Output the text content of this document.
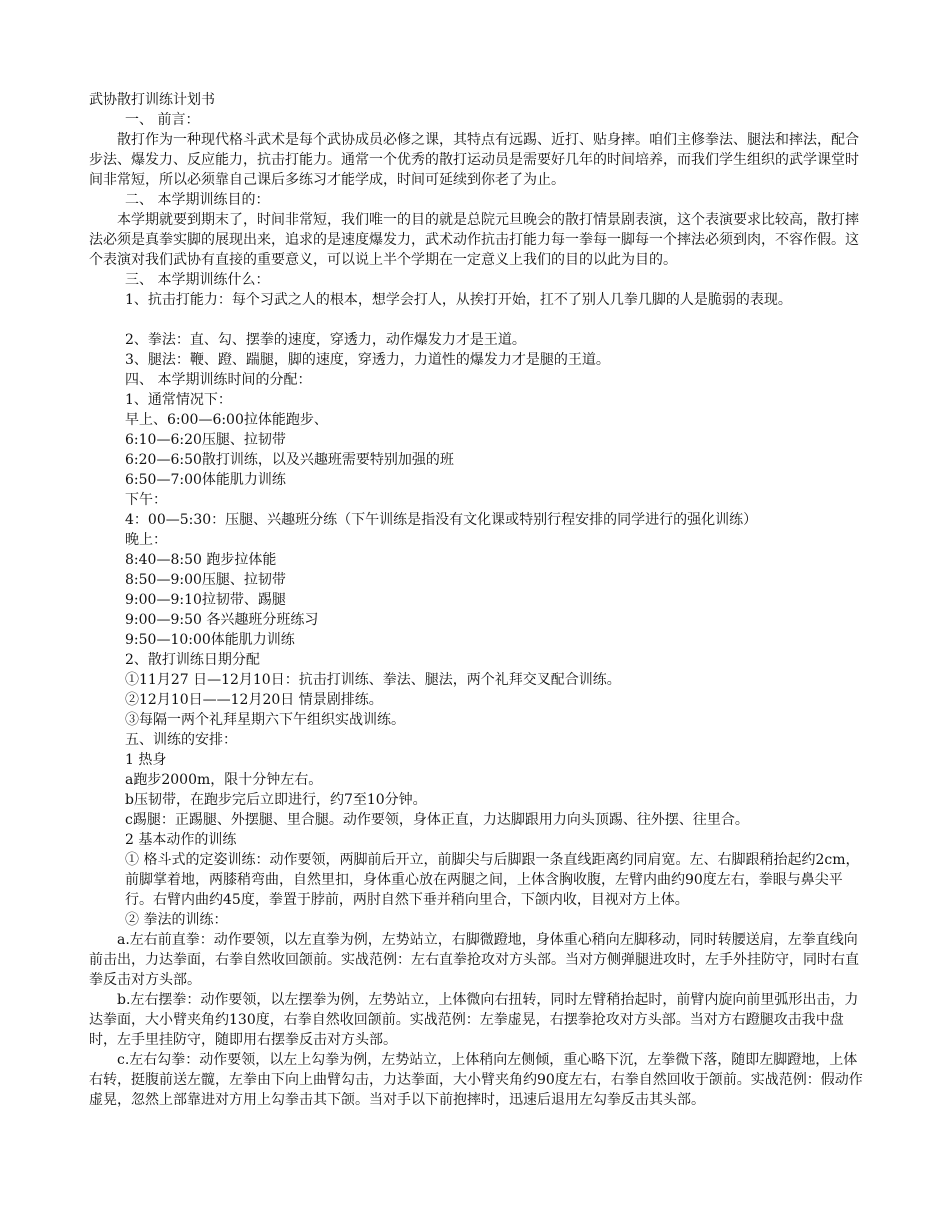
武协散打训练计划书

一、 前言：

散打作为一种现代格斗武术是每个武协成员必修之课，其特点有远踢、近打、贴身摔。咱们主修拳法、腿法和摔法，配合步法、爆发力、反应能力，抗击打能力。通常一个优秀的散打运动员是需要好几年的时间培养，而我们学生组织的武学课堂时间非常短，所以必须靠自己课后多练习才能学成，时间可延续到你老了为止。

二、 本学期训练目的：

本学期就要到期末了，时间非常短，我们唯一的目的就是总院元旦晚会的散打情景剧表演，这个表演要求比较高，散打摔法必须是真拳实脚的展现出来，追求的是速度爆发力，武术动作抗击打能力每一拳每一脚每一个摔法必须到肉，不容作假。这个表演对我们武协有直接的重要意义，可以说上半个学期在一定意义上我们的目的以此为目的。

三、 本学期训练什么：

1、抗击打能力：每个习武之人的根本，想学会打人，从挨打开始，扛不了别人几拳几脚的人是脆弱的表现。

2、拳法：直、勾、摆拳的速度，穿透力，动作爆发力才是王道。

3、腿法：鞭、蹬、踹腿，脚的速度，穿透力，力道性的爆发力才是腿的王道。

四、 本学期训练时间的分配：

1、通常情况下：

早上、6:00—6:00拉体能跑步、

6:10—6:20压腿、拉韧带

6:20—6:50散打训练，以及兴趣班需要特别加强的班

6:50—7:00体能肌力训练

下午：

4：00—5:30：压腿、兴趣班分练（下午训练是指没有文化课或特别行程安排的同学进行的强化训练）

晚上：

8:40—8:50 跑步拉体能

8:50—9:00压腿、拉韧带

9:00—9:10拉韧带、踢腿

9:00—9:50 各兴趣班分班练习

9:50—10:00体能肌力训练

2、散打训练日期分配

①11月27 日—12月10日：抗击打训练、拳法、腿法，两个礼拜交叉配合训练。

②12月10日——12月20日 情景剧排练。

③每隔一两个礼拜星期六下午组织实战训练。

五、训练的安排：

1 热身

a跑步2000m，限十分钟左右。

b压韧带，在跑步完后立即进行，约7至10分钟。

c踢腿：正踢腿、外摆腿、里合腿。动作要领，身体正直，力达脚跟用力向头顶踢、往外摆、往里合。

2 基本动作的训练

① 格斗式的定姿训练：动作要领，两脚前后开立，前脚尖与后脚跟一条直线距离约同肩宽。左、右脚跟稍抬起约2cm，前脚掌着地，两膝稍弯曲，自然里扣，身体重心放在两腿之间，上体含胸收腹，左臂内曲约90度左右，拳眼与鼻尖平行。右臂内曲约45度，拳置于脖前，两肘自然下垂并稍向里合，下颌内收，目视对方上体。

② 拳法的训练：

a.左右前直拳：动作要领，以左直拳为例，左势站立，右脚微蹬地，身体重心稍向左脚移动，同时转腰送肩，左拳直线向前击出，力达拳面，右拳自然收回颌前。实战范例：左右直拳抢攻对方头部。当对方侧弹腿进攻时，左手外挂防守，同时右直拳反击对方头部。

b.左右摆拳：动作要领，以左摆拳为例，左势站立，上体微向右扭转，同时左臂稍抬起时，前臂内旋向前里弧形出击，力达拳面，大小臂夹角约130度，右拳自然收回颌前。实战范例：左拳虚晃，右摆拳抢攻对方头部。当对方右蹬腿攻击我中盘时，左手里挂防守，随即用右摆拳反击对方头部。

c.左右勾拳：动作要领，以左上勾拳为例，左势站立，上体稍向左侧倾，重心略下沉，左拳微下落，随即左脚蹬地，上体右转，挺腹前送左髋，左拳由下向上曲臂勾击，力达拳面，大小臂夹角约90度左右，右拳自然回收于颌前。实战范例：假动作虚晃，忽然上部靠进对方用上勾拳击其下颌。当对手以下前抱摔时，迅速后退用左勾拳反击其头部。
